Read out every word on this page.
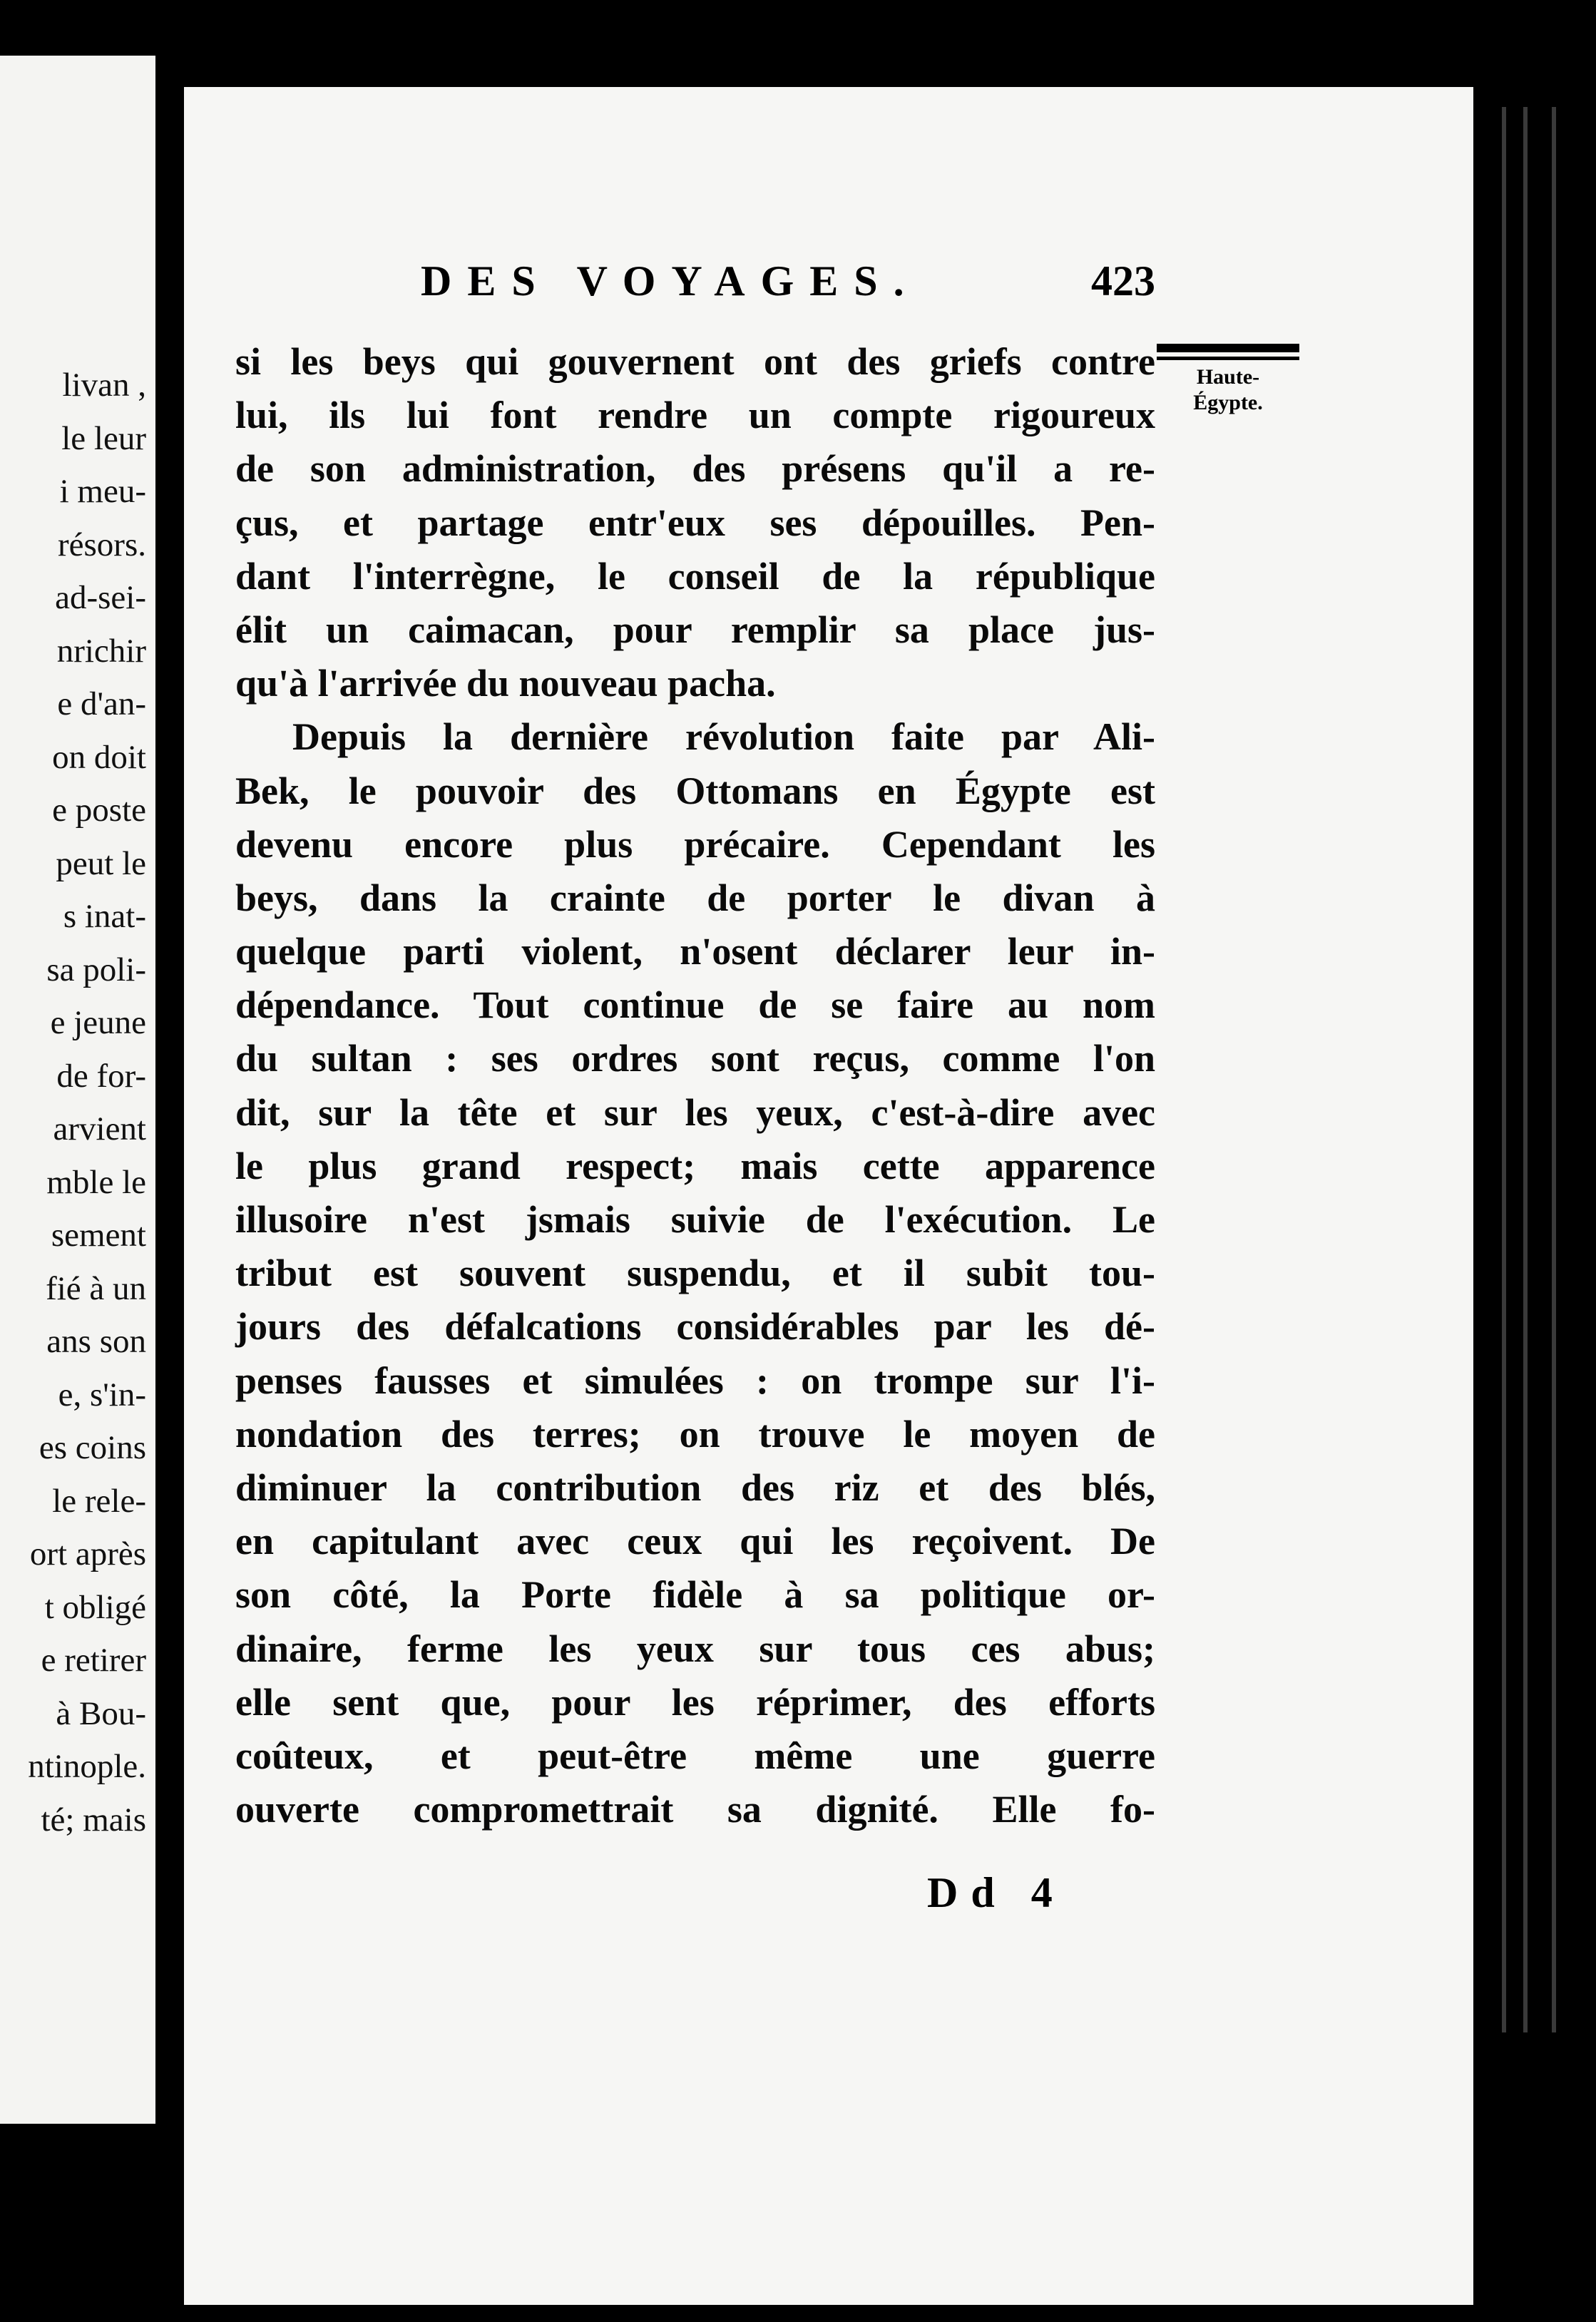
livan ,
le leur
i meu-
résors.
ad-sei-
nrichir
e d'an-
on doit
e poste
peut le
s inat-
sa poli-
e jeune
de for-
arvient
mble le
sement
fié à un
ans son
e, s'in-
es coins
le rele-
ort après
t obligé
e retirer
à Bou-
ntinople.
té; mais
DES VOYAGES.	423
Haute-
Égypte.
si les beys qui gouvernent ont des griefs contre
lui, ils lui font rendre un compte rigoureux
de son administration, des présens qu'il a re-
çus, et partage entr'eux ses dépouilles. Pen-
dant l'interrègne, le conseil de la république
élit un caimacan, pour remplir sa place jus-
qu'à l'arrivée du nouveau pacha.
Depuis la dernière révolution faite par Ali-
Bek, le pouvoir des Ottomans en Égypte est
devenu encore plus précaire. Cependant les
beys, dans la crainte de porter le divan à
quelque parti violent, n'osent déclarer leur in-
dépendance. Tout continue de se faire au nom
du sultan : ses ordres sont reçus, comme l'on
dit, sur la tête et sur les yeux, c'est-à-dire avec
le plus grand respect; mais cette apparence
illusoire n'est jsmais suivie de l'exécution. Le
tribut est souvent suspendu, et il subit tou-
jours des défalcations considérables par les dé-
penses fausses et simulées : on trompe sur l'i-
nondation des terres; on trouve le moyen de
diminuer la contribution des riz et des blés,
en capitulant avec ceux qui les reçoivent. De
son côté, la Porte fidèle à sa politique or-
dinaire, ferme les yeux sur tous ces abus;
elle sent que, pour les réprimer, des efforts
coûteux, et peut-être même une guerre
ouverte compromettrait sa dignité. Elle fo-
Dd 4
